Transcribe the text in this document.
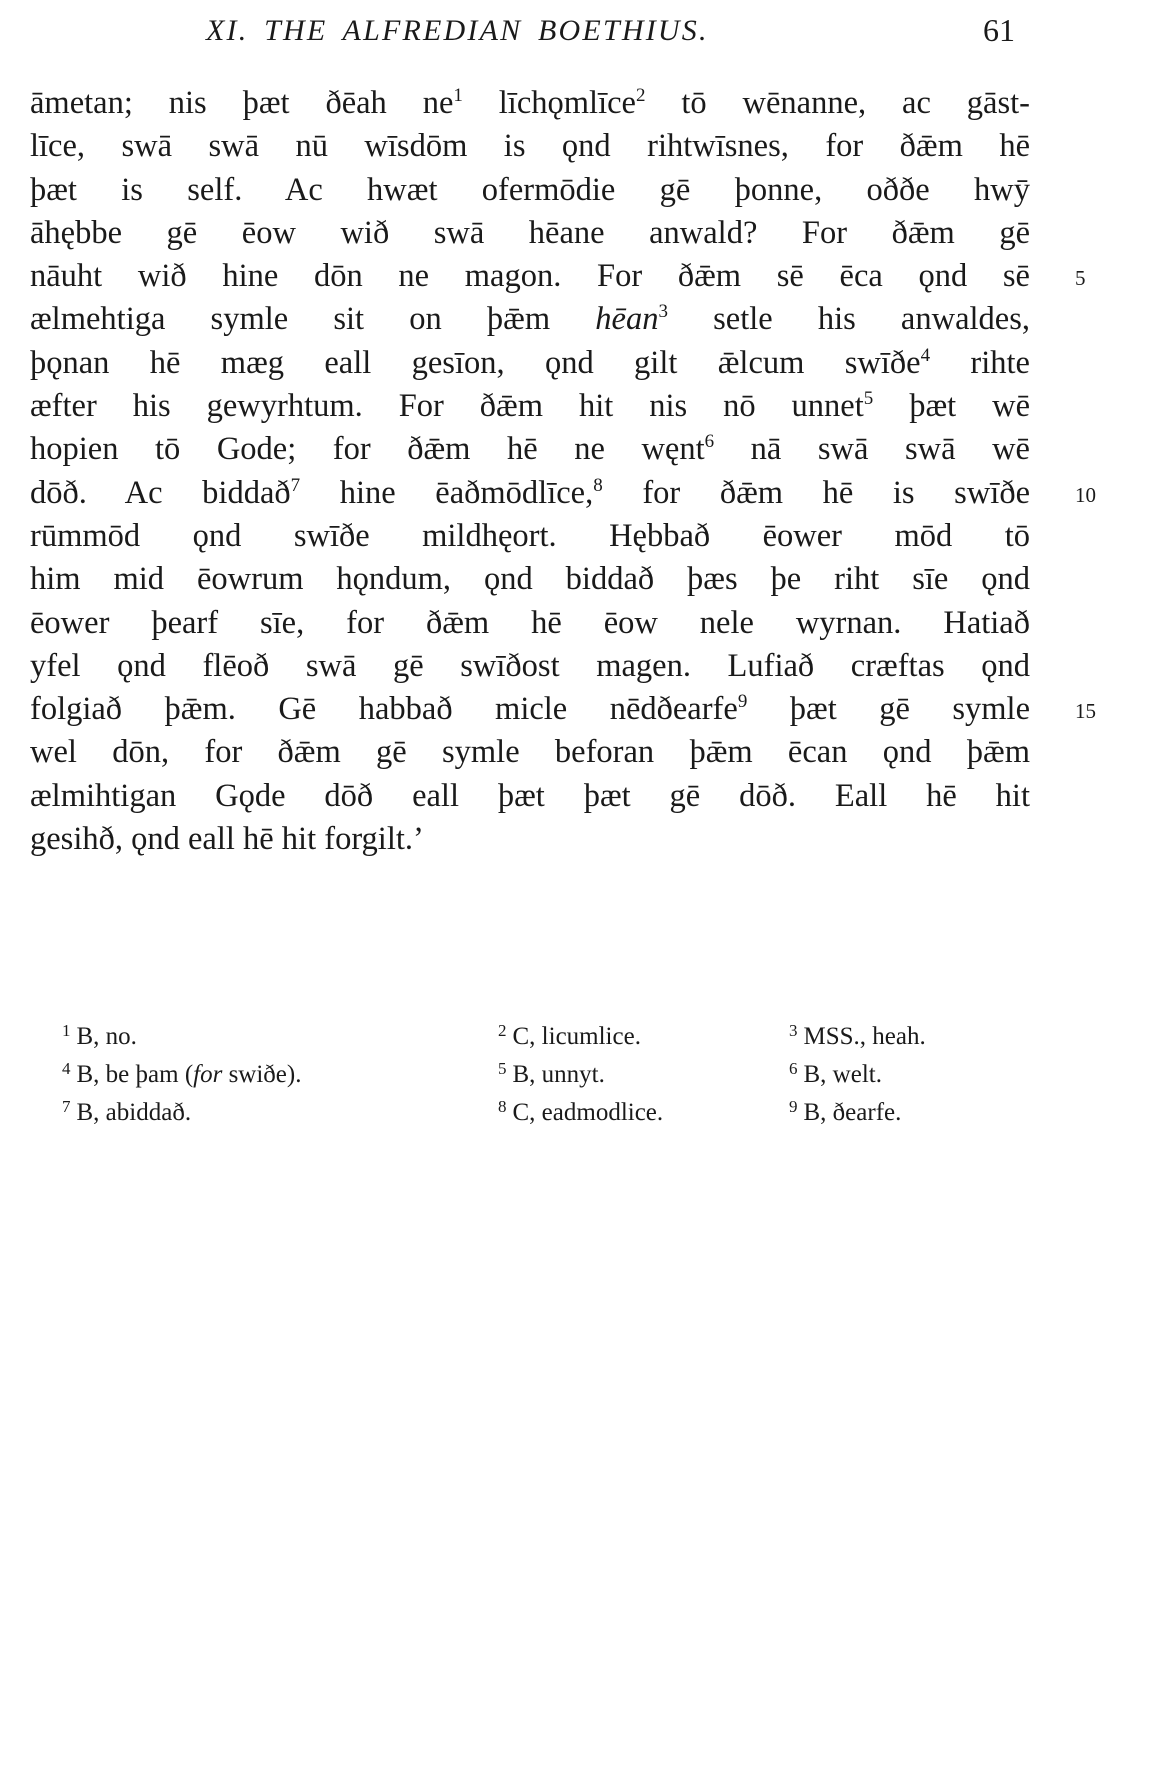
XI. THE ALFREDIAN BOETHIUS.	61
āmetan; nis þæt ðēah ne$^1$ līchǫmlīce$^2$ tō wēnanne, ac gāst-
līce, swā swā nū wīsdōm is ǫnd rihtwīsnes, for ðǣm hē
þæt is self. Ac hwæt ofermōdie gē þonne, oððe hwȳ
āhębbe gē ēow wið swā hēane anwald? For ðǣm gē
nāuht wið hine dōn ne magon. For ðǣm sē ēca ǫnd sē 5
ælmehtiga symle sit on þǣm hēan$^3$ setle his anwaldes,
þǫnan hē mæg eall gesīon, ǫnd gilt ǣlcum swīðe$^4$ rihte
æfter his gewyrhtum. For ðǣm hit nis nō unnet$^5$ þæt wē
hopien tō Gode; for ðǣm hē ne węnt$^6$ nā swā swā wē
dōð. Ac biddað$^7$ hine ēaðmōdlīce,$^8$ for ðǣm hē is swīðe 10
rūmmōd ǫnd swīðe mildhęort. Hębbað ēower mōd tō
him mid ēowrum hǫndum, ǫnd biddað þæs þe riht sīe ǫnd
ēower þearf sīe, for ðǣm hē ēow nele wyrnan. Hatiað
yfel ǫnd flēoð swā gē swīðost magen. Lufiað cræftas ǫnd
folgiað þǣm. Gē habbað micle nēdðearfe$^9$ þæt gē symle 15
wel dōn, for ðǣm gē symle beforan þǣm ēcan ǫnd þǣm
ælmihtigan Gǫde dōð eall þæt þæt gē dōð. Eall hē hit
gesihð, ǫnd eall hē hit forgilt.’
$^1$ B, no.	$^2$ C, licumlice.	$^3$ MSS., heah.
$^4$ B, be þam (for swiðe).	$^5$ B, unnyt.	$^6$ B, welt.
$^7$ B, abiddað.	$^8$ C, eadmodlice.	$^9$ B, ðearfe.
